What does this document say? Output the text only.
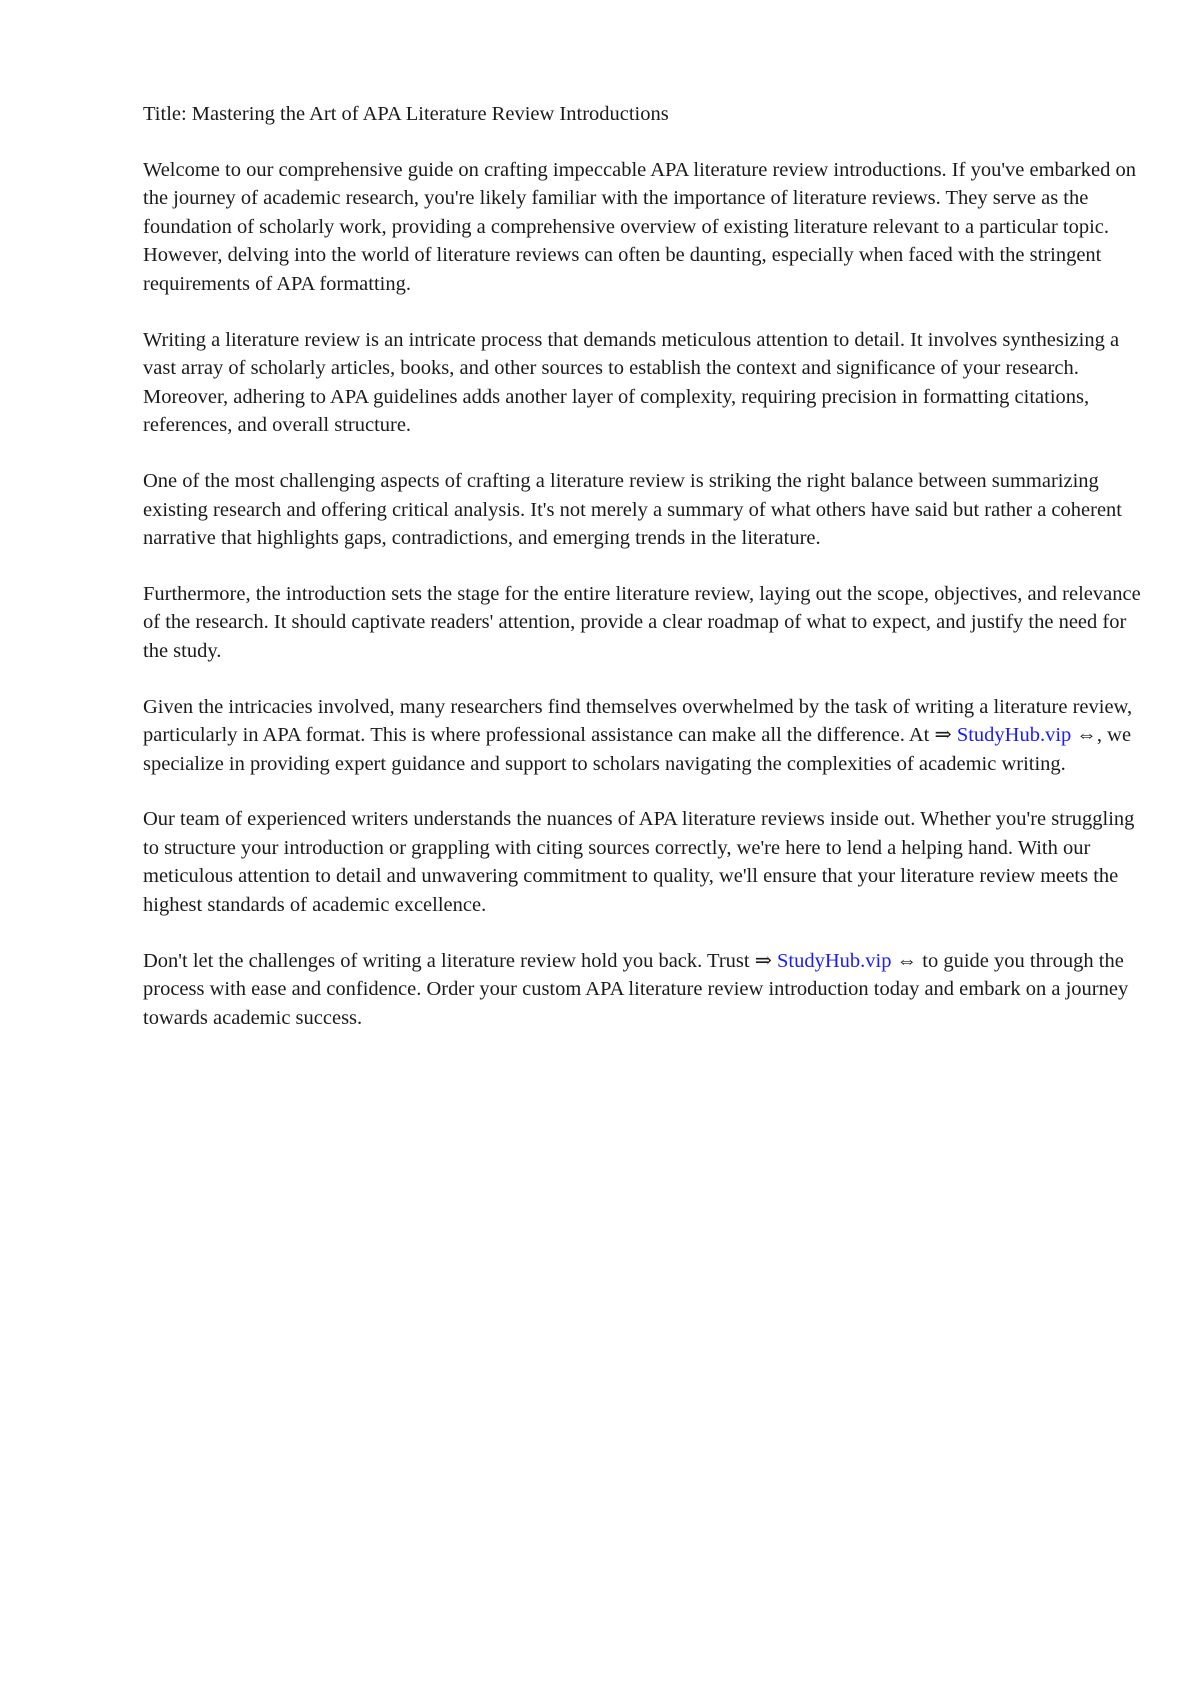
Title: Mastering the Art of APA Literature Review Introductions

Welcome to our comprehensive guide on crafting impeccable APA literature review introductions. If you've embarked on the journey of academic research, you're likely familiar with the importance of literature reviews. They serve as the foundation of scholarly work, providing a comprehensive overview of existing literature relevant to a particular topic. However, delving into the world of literature reviews can often be daunting, especially when faced with the stringent requirements of APA formatting.

Writing a literature review is an intricate process that demands meticulous attention to detail. It involves synthesizing a vast array of scholarly articles, books, and other sources to establish the context and significance of your research. Moreover, adhering to APA guidelines adds another layer of complexity, requiring precision in formatting citations, references, and overall structure.

One of the most challenging aspects of crafting a literature review is striking the right balance between summarizing existing research and offering critical analysis. It's not merely a summary of what others have said but rather a coherent narrative that highlights gaps, contradictions, and emerging trends in the literature.

Furthermore, the introduction sets the stage for the entire literature review, laying out the scope, objectives, and relevance of the research. It should captivate readers' attention, provide a clear roadmap of what to expect, and justify the need for the study.

Given the intricacies involved, many researchers find themselves overwhelmed by the task of writing a literature review, particularly in APA format. This is where professional assistance can make all the difference. At ⇒ StudyHub.vip ⇔, we specialize in providing expert guidance and support to scholars navigating the complexities of academic writing.

Our team of experienced writers understands the nuances of APA literature reviews inside out. Whether you're struggling to structure your introduction or grappling with citing sources correctly, we're here to lend a helping hand. With our meticulous attention to detail and unwavering commitment to quality, we'll ensure that your literature review meets the highest standards of academic excellence.

Don't let the challenges of writing a literature review hold you back. Trust ⇒ StudyHub.vip ⇔ to guide you through the process with ease and confidence. Order your custom APA literature review introduction today and embark on a journey towards academic success.
